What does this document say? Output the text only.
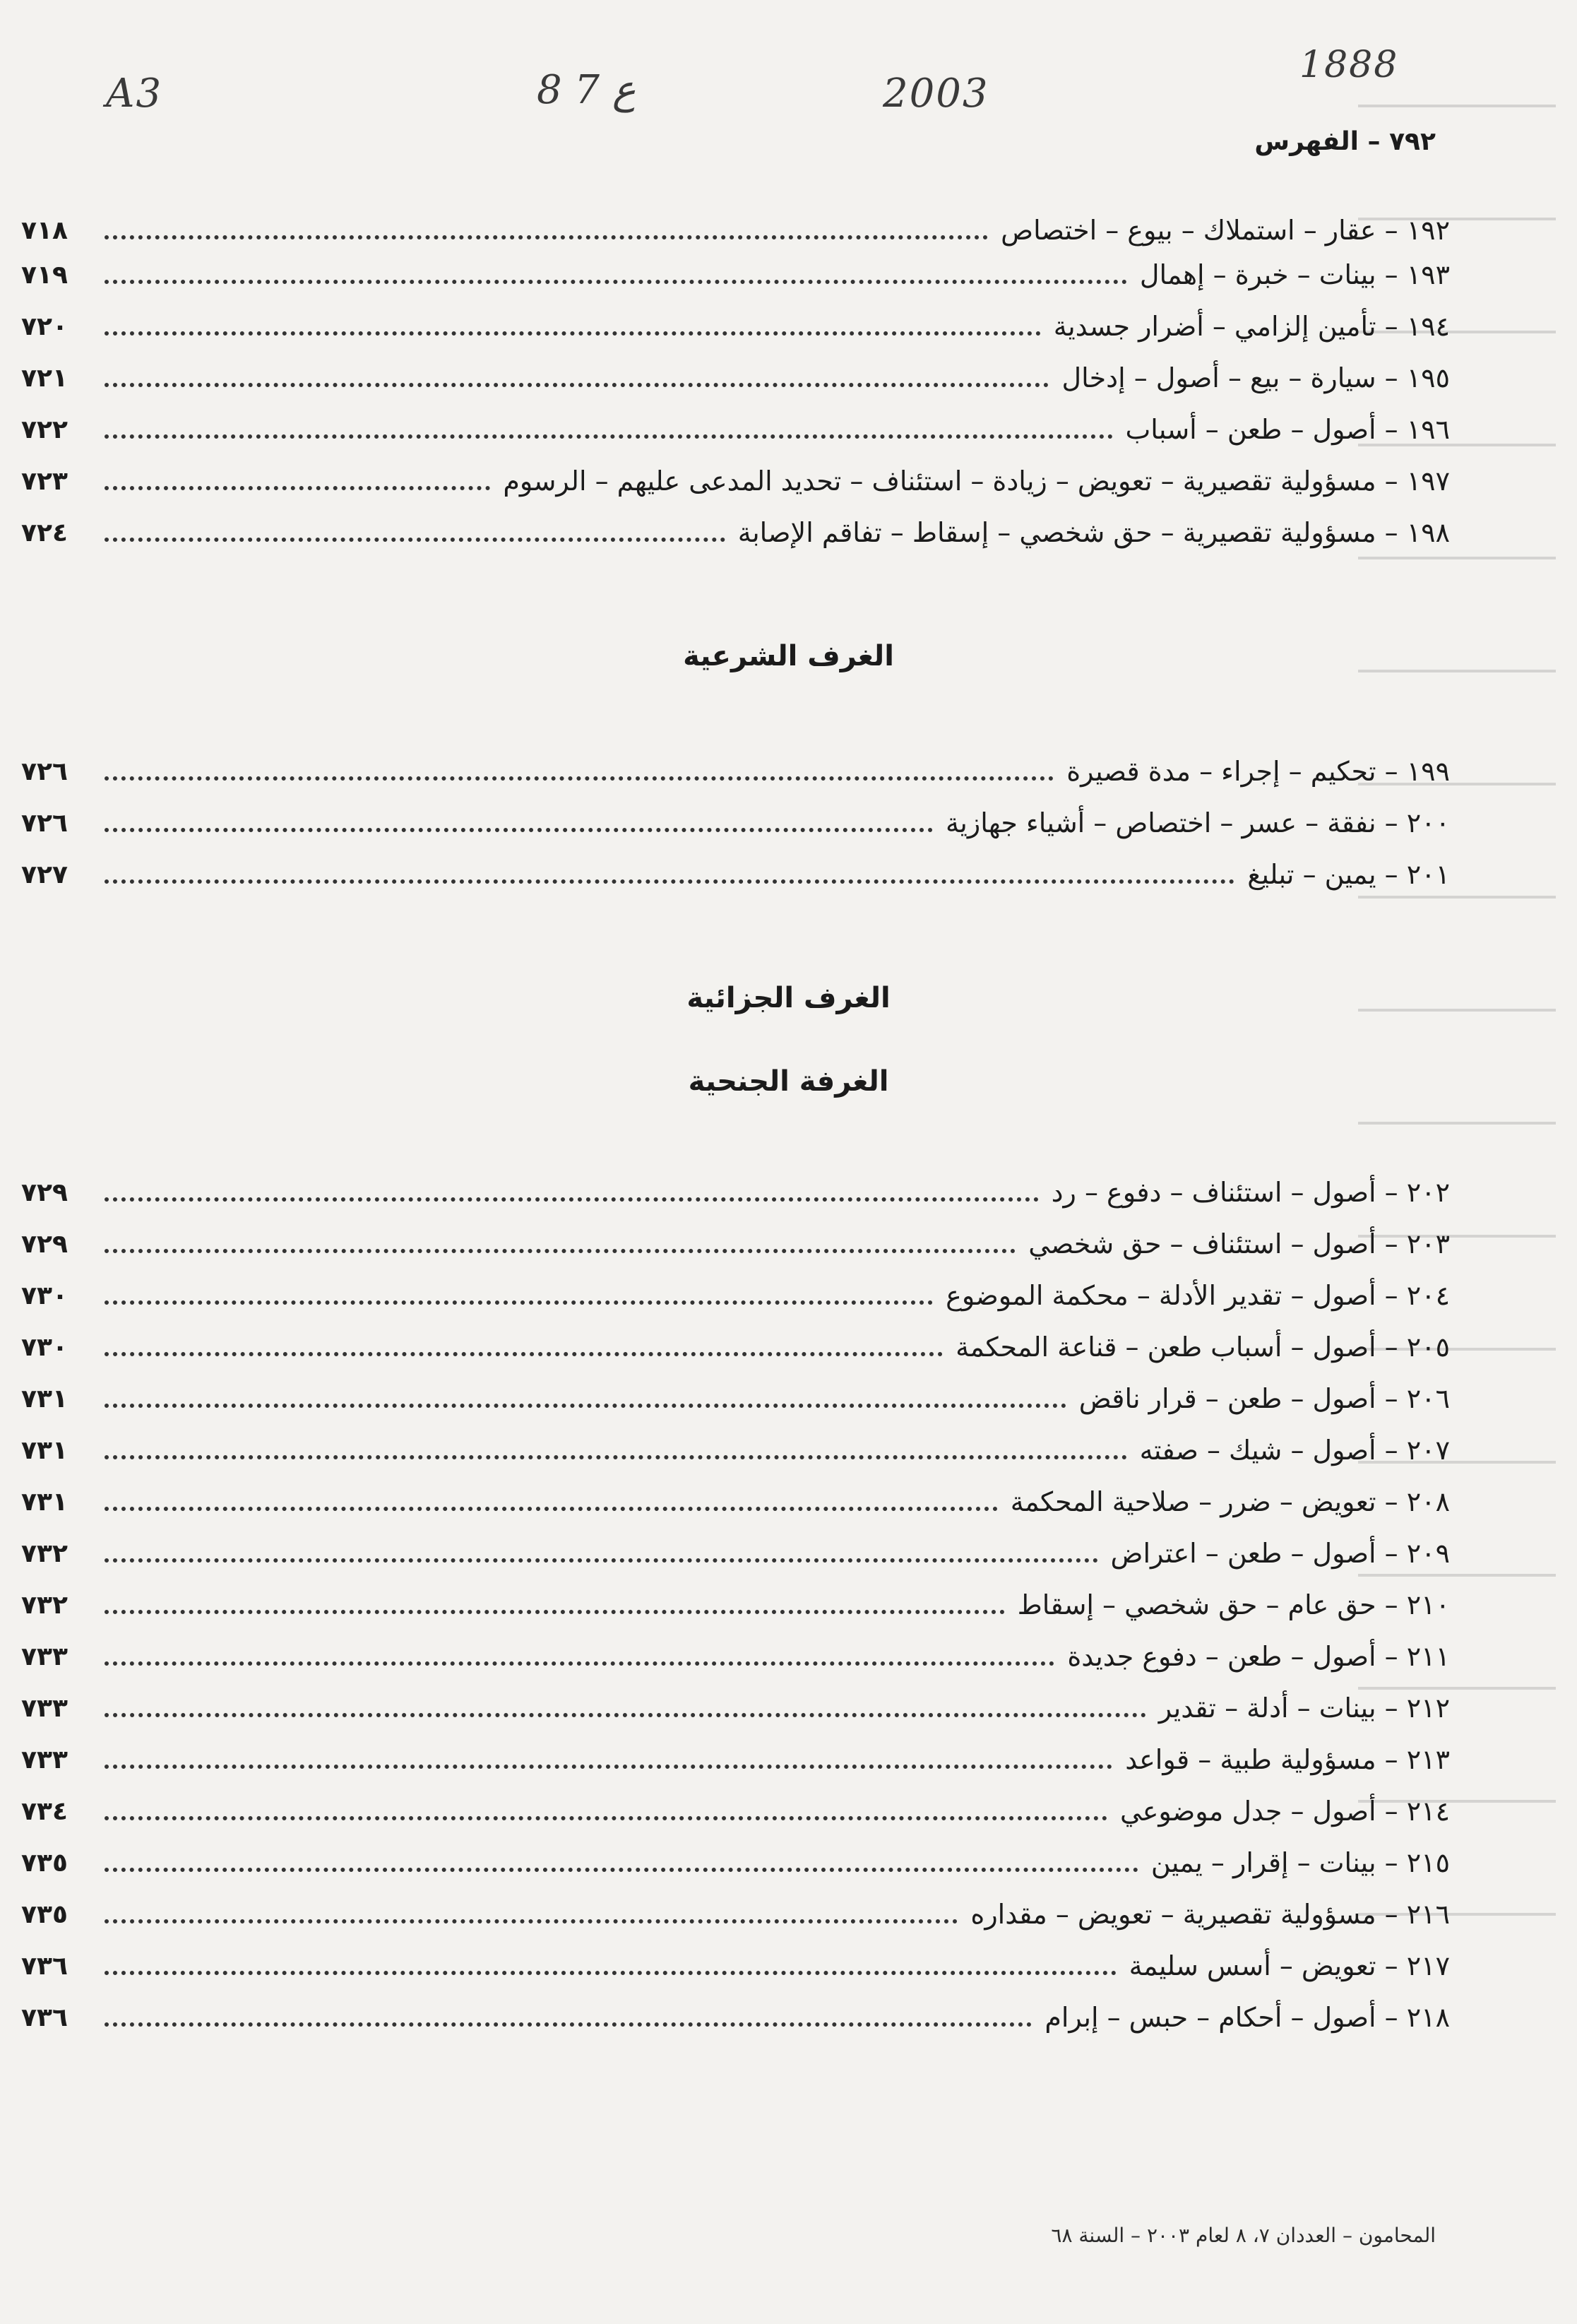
A3	8 7 ع	2003
1888
٧٩٢ – الفهرس
٧١٨	١٩٢ – عقار – استملاك – بيوع – اختصاص
٧١٩	١٩٣ – بينات – خبرة – إهمال
٧٢٠	١٩٤ – تأمين إلزامي – أضرار جسدية
٧٢١	١٩٥ – سيارة – بيع – أصول – إدخال
٧٢٢	١٩٦ – أصول – طعن – أسباب
٧٢٣	١٩٧ – مسؤولية تقصيرية – تعويض – زيادة – استئناف – تحديد المدعى عليهم – الرسوم
٧٢٤	١٩٨ – مسؤولية تقصيرية – حق شخصي – إسقاط – تفاقم الإصابة
الغرف الشرعية
٧٢٦	١٩٩ – تحكيم – إجراء – مدة قصيرة
٧٢٦	٢٠٠ – نفقة – عسر – اختصاص – أشياء جهازية
٧٢٧	٢٠١ – يمين – تبليغ
الغرف الجزائية
الغرفة الجنحية
٧٢٩	٢٠٢ – أصول – استئناف – دفوع – رد
٧٢٩	٢٠٣ – أصول – استئناف – حق شخصي
٧٣٠	٢٠٤ – أصول – تقدير الأدلة – محكمة الموضوع
٧٣٠	٢٠٥ – أصول – أسباب طعن – قناعة المحكمة
٧٣١	٢٠٦ – أصول – طعن – قرار ناقض
٧٣١	٢٠٧ – أصول – شيك – صفته
٧٣١	٢٠٨ – تعويض – ضرر – صلاحية المحكمة
٧٣٢	٢٠٩ – أصول – طعن – اعتراض
٧٣٢	٢١٠ – حق عام – حق شخصي – إسقاط
٧٣٣	٢١١ – أصول – طعن – دفوع جديدة
٧٣٣	٢١٢ – بينات – أدلة – تقدير
٧٣٣	٢١٣ – مسؤولية طبية – قواعد
٧٣٤	٢١٤ – أصول – جدل موضوعي
٧٣٥	٢١٥ – بينات – إقرار – يمين
٧٣٥	٢١٦ – مسؤولية تقصيرية – تعويض – مقداره
٧٣٦	٢١٧ – تعويض – أسس سليمة
٧٣٦	٢١٨ – أصول – أحكام – حبس – إبرام
المحامون – العددان ٧، ٨ لعام ٢٠٠٣ – السنة ٦٨
